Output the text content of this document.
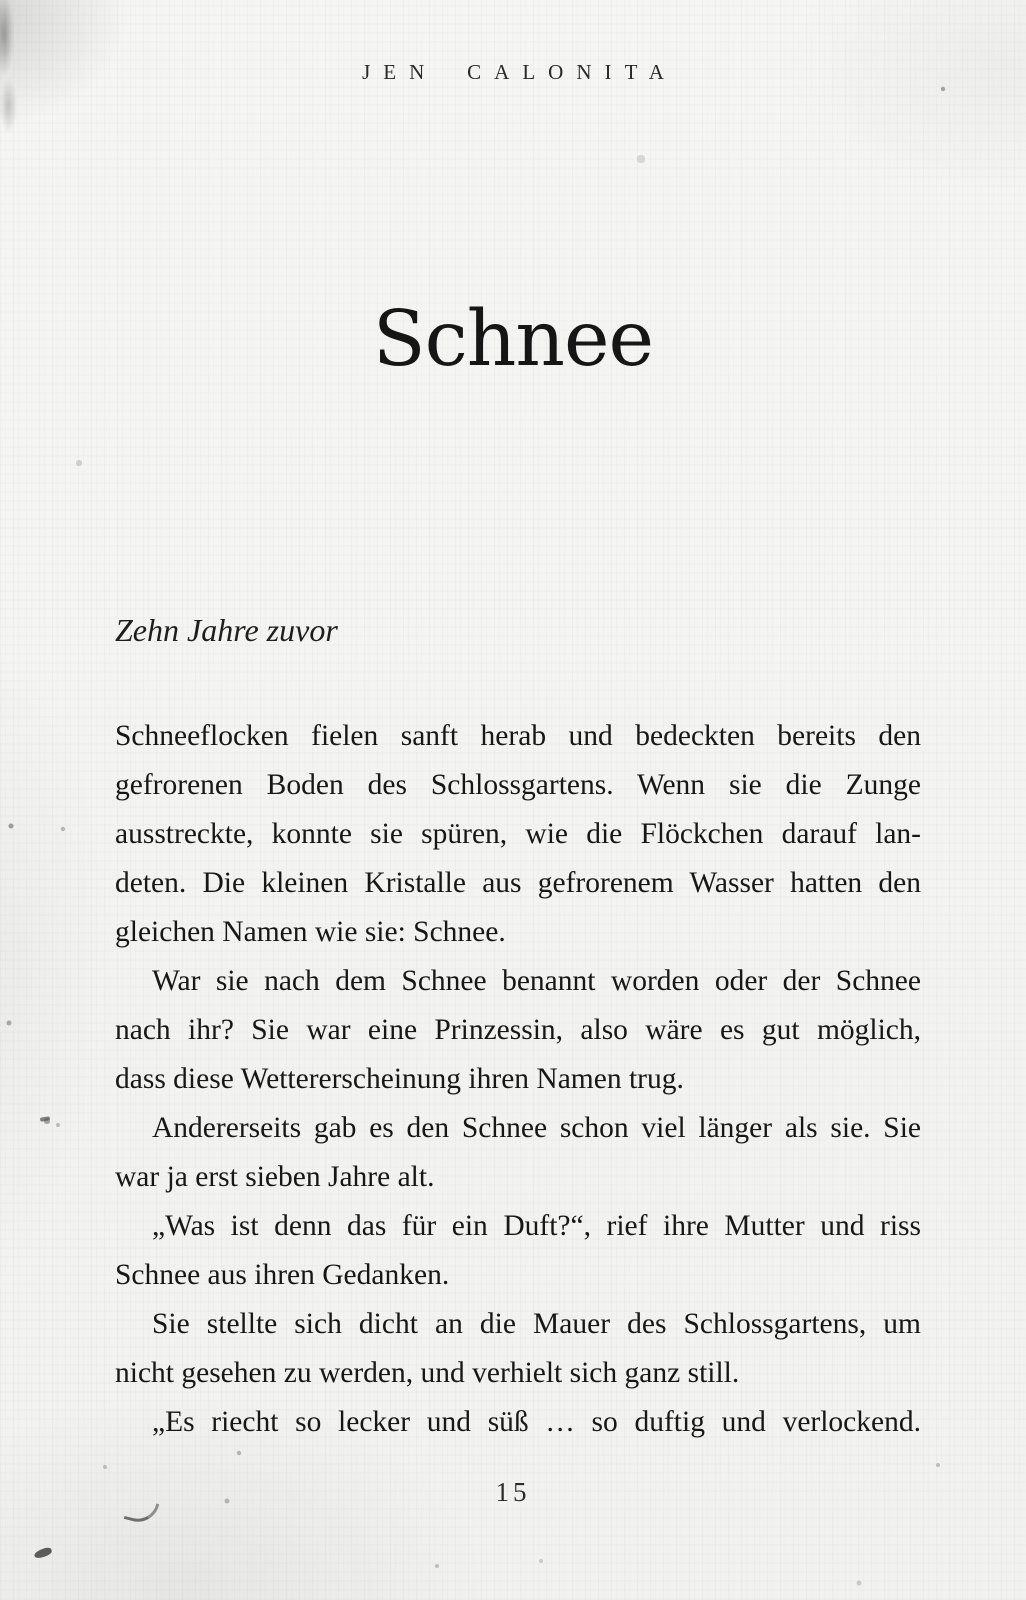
JEN CALONITA
Schnee
Zehn Jahre zuvor
Schneeflocken fielen sanft herab und bedeckten bereits den
gefrorenen Boden des Schlossgartens. Wenn sie die Zunge
ausstreckte, konnte sie spüren, wie die Flöckchen darauf lan-
deten. Die kleinen Kristalle aus gefrorenem Wasser hatten den
gleichen Namen wie sie: Schnee.
War sie nach dem Schnee benannt worden oder der Schnee
nach ihr? Sie war eine Prinzessin, also wäre es gut möglich,
dass diese Wettererscheinung ihren Namen trug.
Andererseits gab es den Schnee schon viel länger als sie. Sie
war ja erst sieben Jahre alt.
„Was ist denn das für ein Duft?“, rief ihre Mutter und riss
Schnee aus ihren Gedanken.
Sie stellte sich dicht an die Mauer des Schlossgartens, um
nicht gesehen zu werden, und verhielt sich ganz still.
„Es riecht so lecker und süß … so duftig und verlockend.
15
